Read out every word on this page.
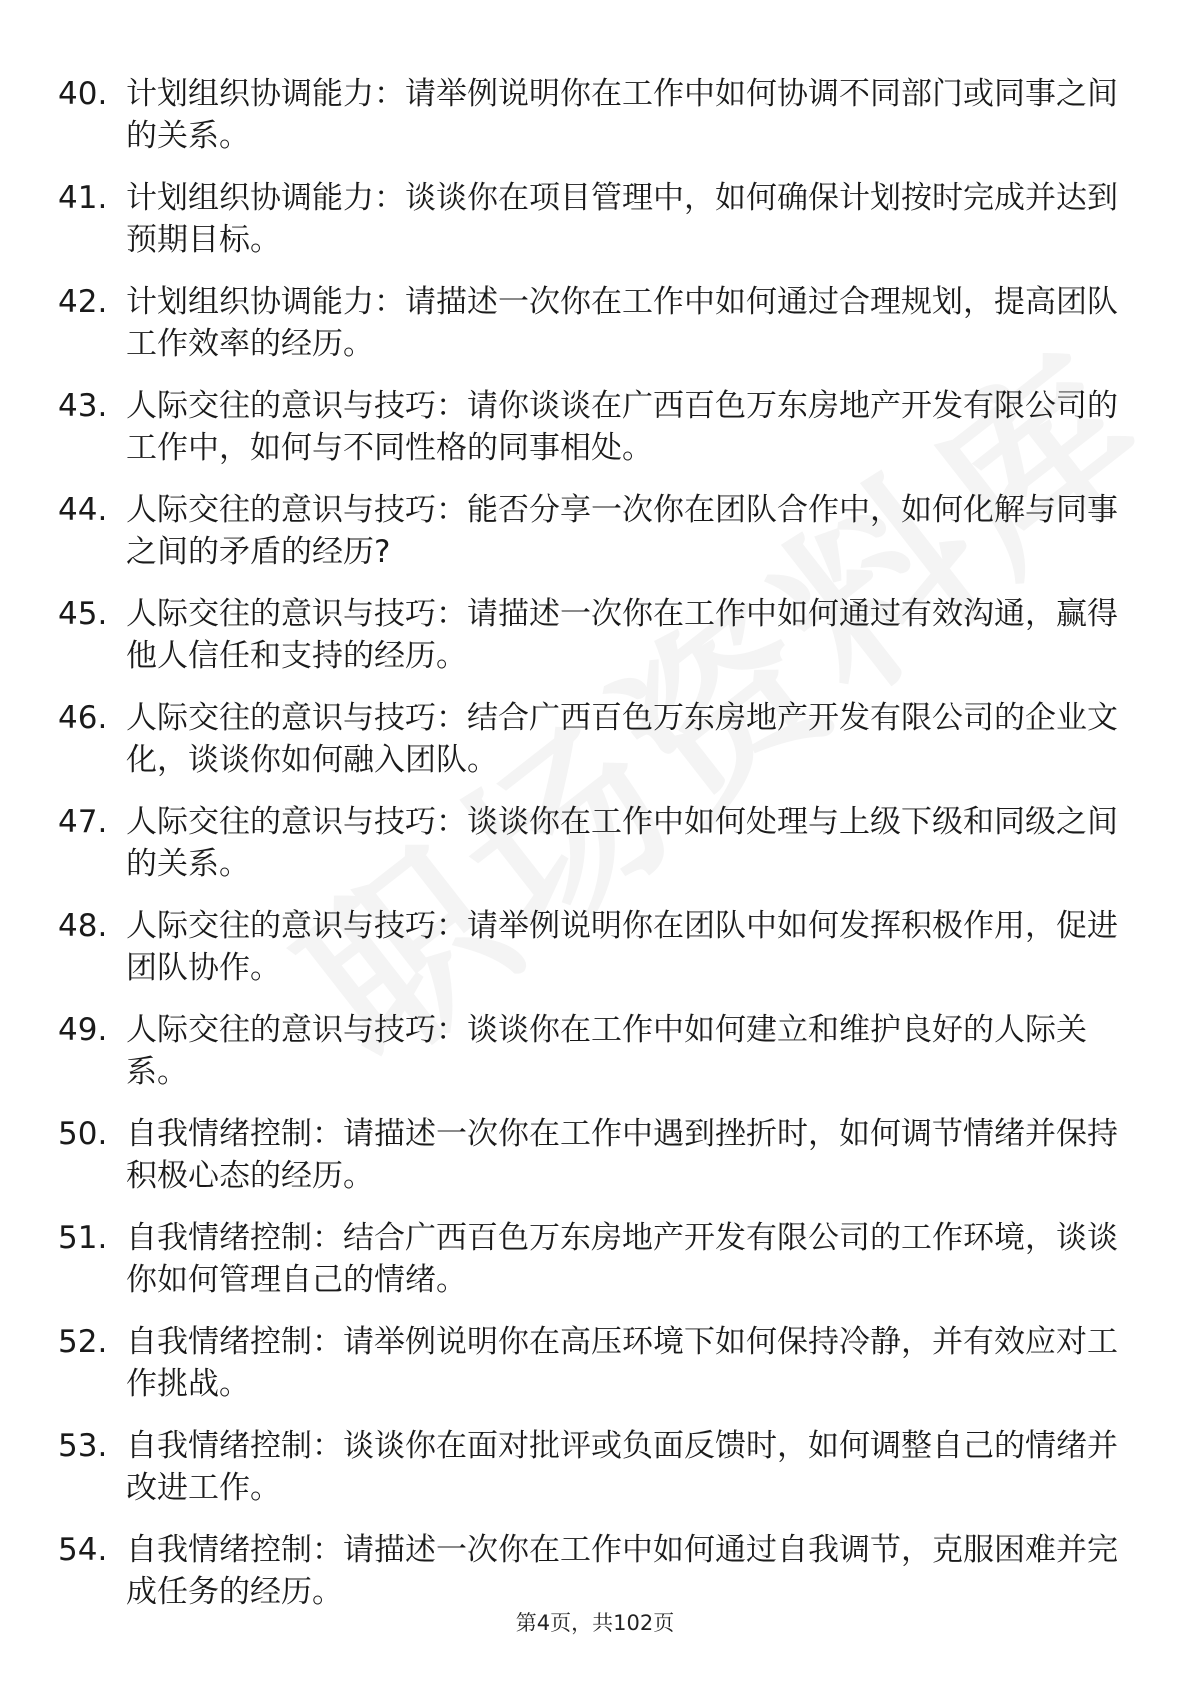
40. 计划组织协调能力：请举例说明你在工作中如何协调不同部门或同事之间的关系。
41. 计划组织协调能力：谈谈你在项目管理中，如何确保计划按时完成并达到预期目标。
42. 计划组织协调能力：请描述一次你在工作中如何通过合理规划，提高团队工作效率的经历。
43. 人际交往的意识与技巧：请你谈谈在广西百色万东房地产开发有限公司的工作中，如何与不同性格的同事相处。
44. 人际交往的意识与技巧：能否分享一次你在团队合作中，如何化解与同事之间的矛盾的经历?
45. 人际交往的意识与技巧：请描述一次你在工作中如何通过有效沟通，赢得他人信任和支持的经历。
46. 人际交往的意识与技巧：结合广西百色万东房地产开发有限公司的企业文化，谈谈你如何融入团队。
47. 人际交往的意识与技巧：谈谈你在工作中如何处理与上级下级和同级之间的关系。
48. 人际交往的意识与技巧：请举例说明你在团队中如何发挥积极作用，促进团队协作。
49. 人际交往的意识与技巧：谈谈你在工作中如何建立和维护良好的人际关系。
50. 自我情绪控制：请描述一次你在工作中遇到挫折时，如何调节情绪并保持积极心态的经历。
51. 自我情绪控制：结合广西百色万东房地产开发有限公司的工作环境，谈谈你如何管理自己的情绪。
52. 自我情绪控制：请举例说明你在高压环境下如何保持冷静，并有效应对工作挑战。
53. 自我情绪控制：谈谈你在面对批评或负面反馈时，如何调整自己的情绪并改进工作。
54. 自我情绪控制：请描述一次你在工作中如何通过自我调节，克服困难并完成任务的经历。
第4页，共102页
